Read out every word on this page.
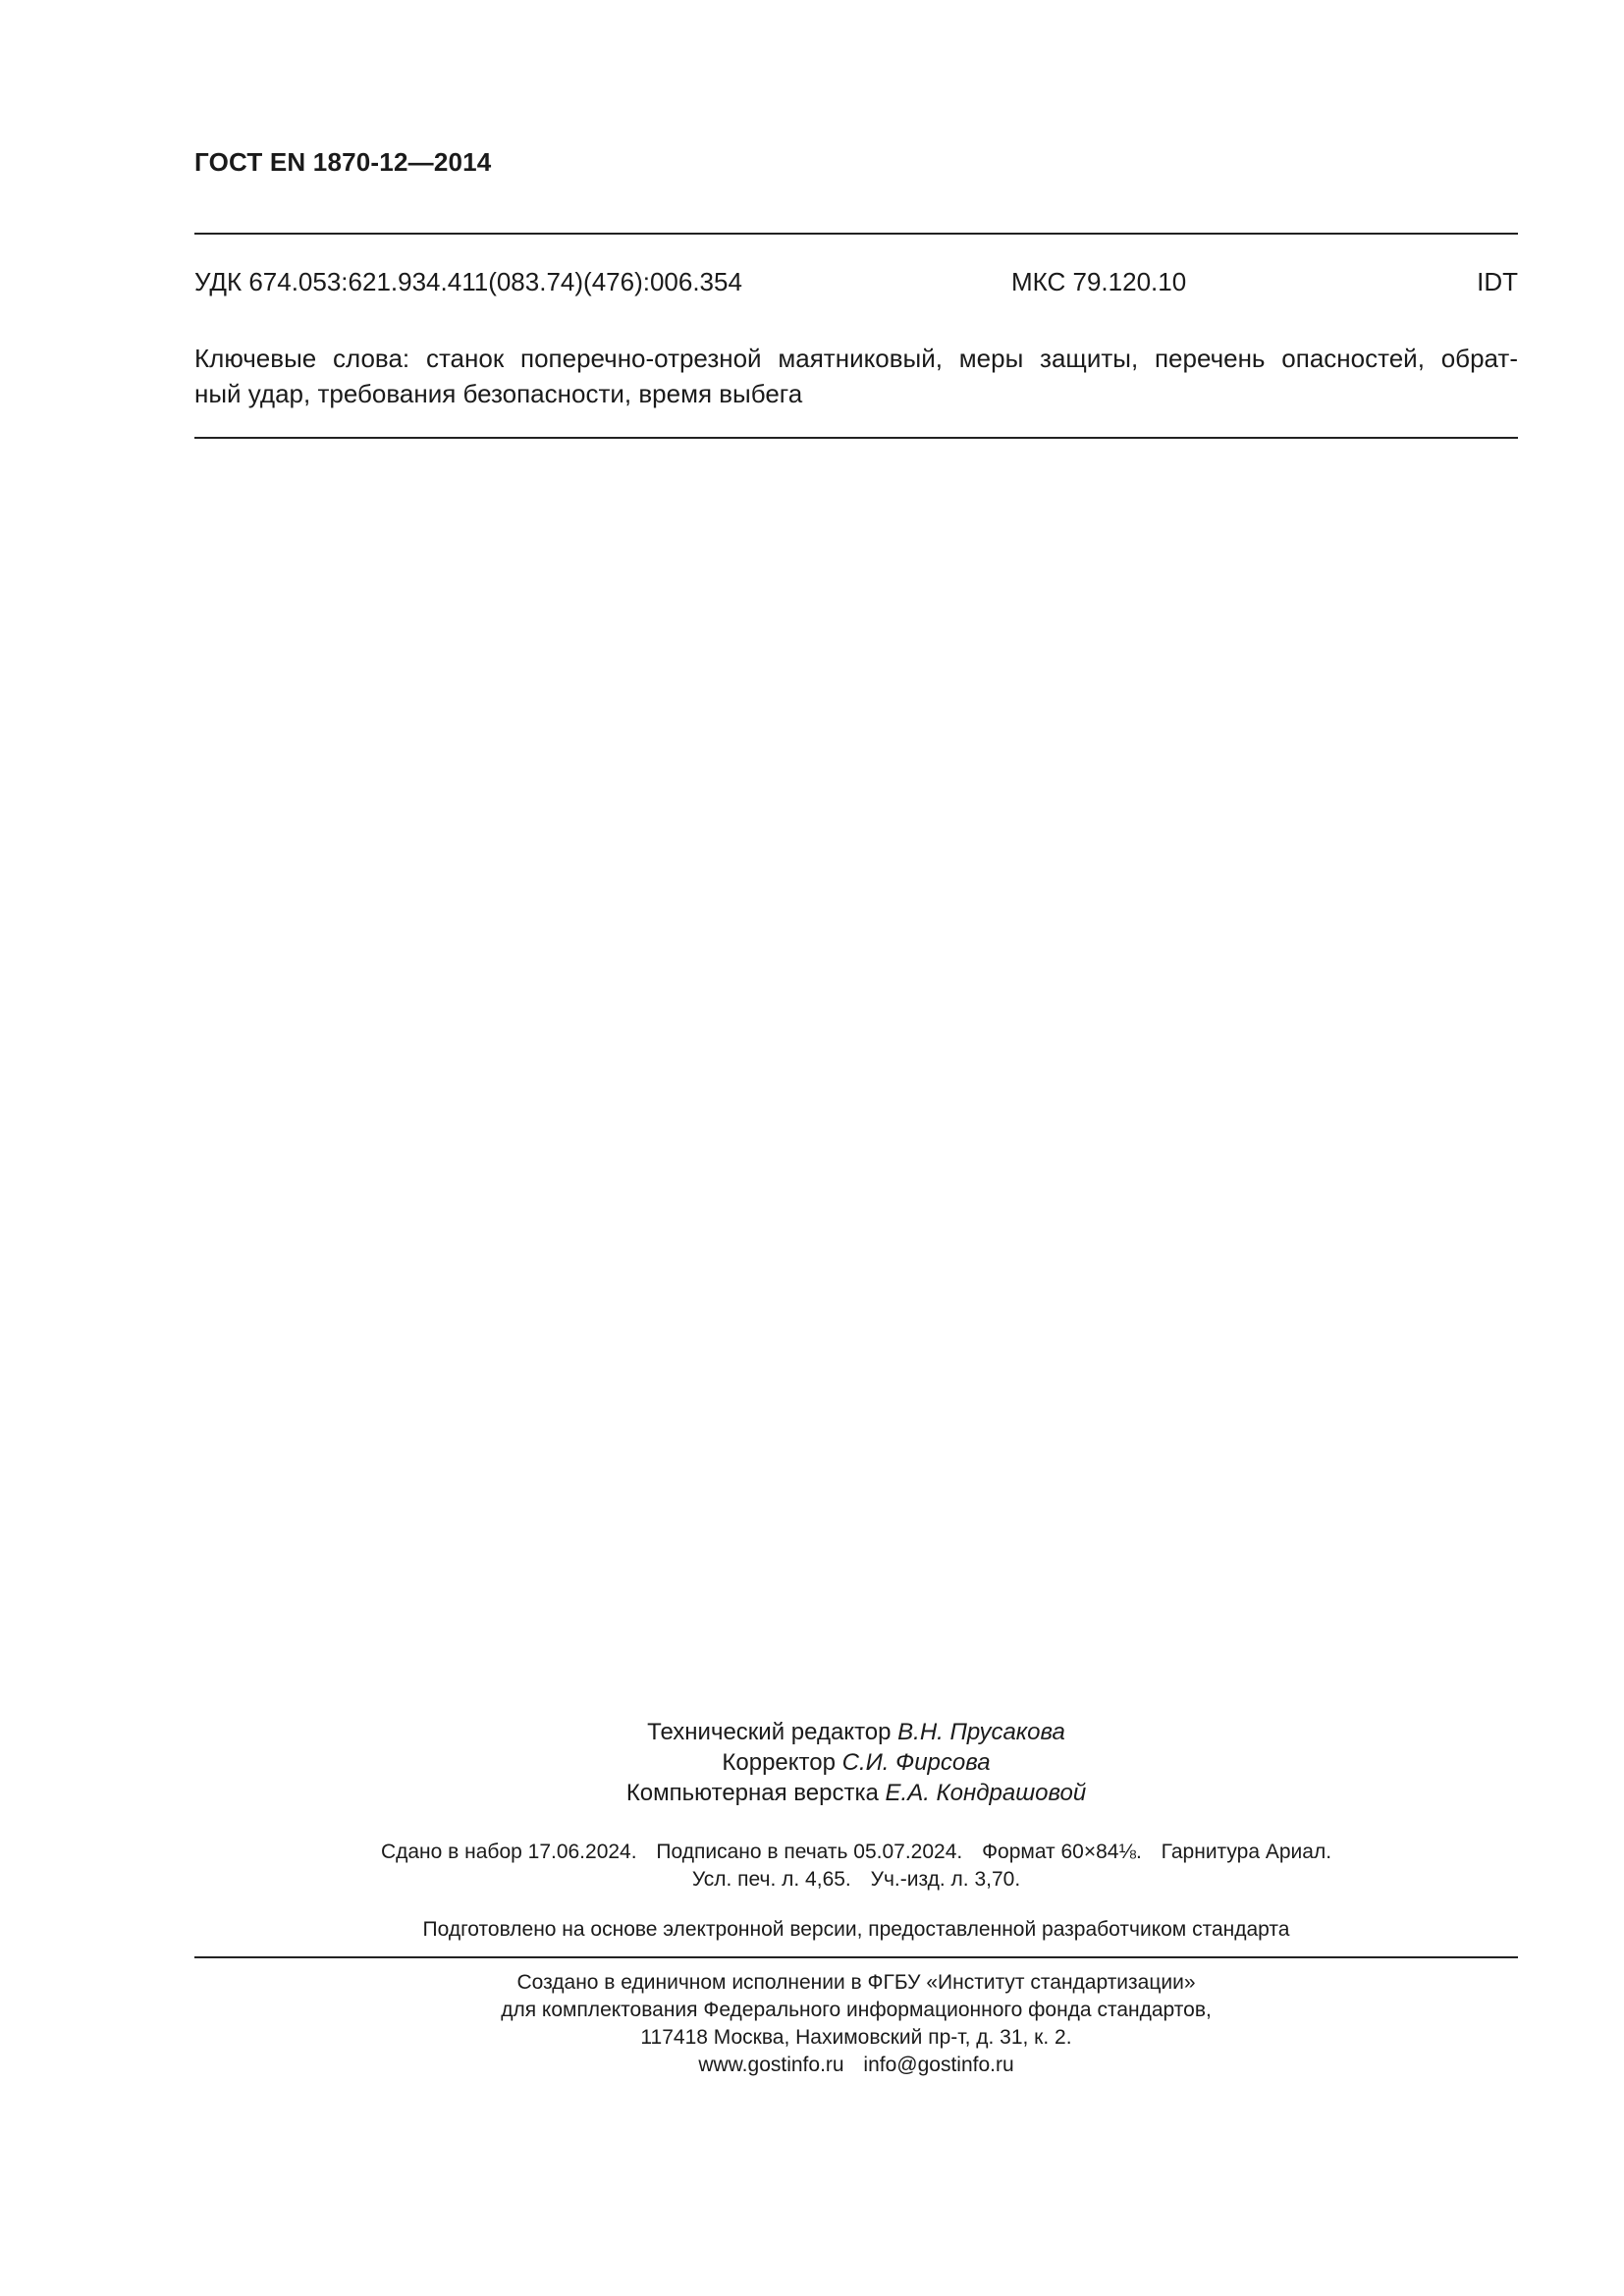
ГОСТ EN 1870-12—2014
УДК 674.053:621.934.411(083.74)(476):006.354	МКС 79.120.10	IDT
Ключевые слова: станок поперечно-отрезной маятниковый, меры защиты, перечень опасностей, обрат-
ный удар, требования безопасности, время выбега
Технический редактор В.Н. Прусакова
Корректор С.И. Фирсова
Компьютерная верстка Е.А. Кондрашовой
Сдано в набор 17.06.2024. Подписано в печать 05.07.2024. Формат 60×84⅛. Гарнитура Ариал.
Усл. печ. л. 4,65. Уч.-изд. л. 3,70.
Подготовлено на основе электронной версии, предоставленной разработчиком стандарта
Создано в единичном исполнении в ФГБУ «Институт стандартизации»
для комплектования Федерального информационного фонда стандартов,
117418 Москва, Нахимовский пр-т, д. 31, к. 2.
www.gostinfo.ru info@gostinfo.ru
